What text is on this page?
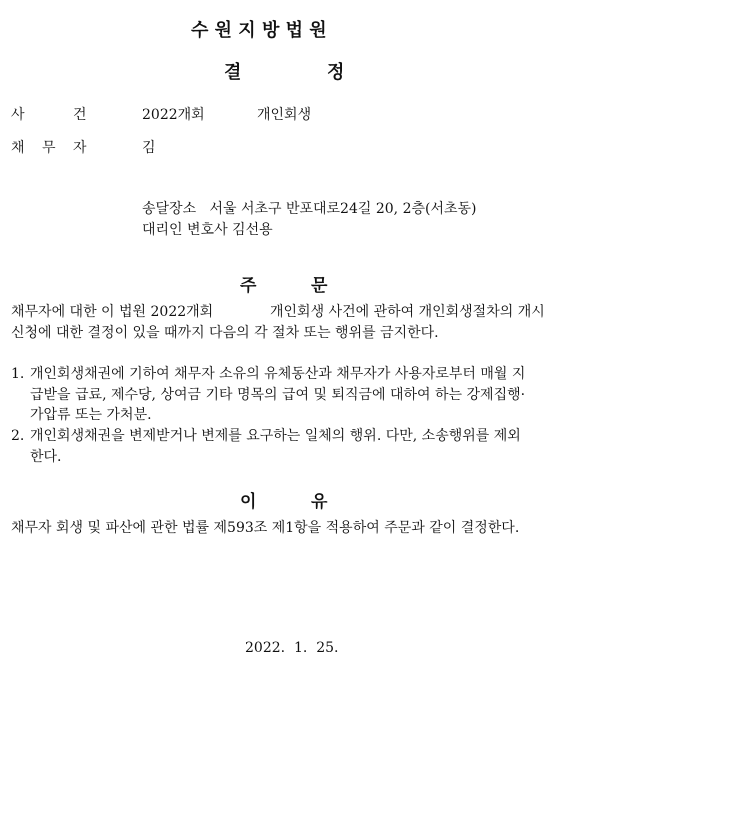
수 원 지 방 법 원
결	정
사	건	2022개회	개인회생
채 무 자	김
송달장소   서울 서초구 반포대로24길 20, 2층(서초동)
대리인 변호사 김선용
주	문
채무자에 대한 이 법원 2022개회	개인회생 사건에 관하여 개인회생절차의 개시
신청에 대한 결정이 있을 때까지 다음의 각 절차 또는 행위를 금지한다.
1. 개인회생채권에 기하여 채무자 소유의 유체동산과 채무자가 사용자로부터 매월 지
급받을 급료, 제수당, 상여금 기타 명목의 급여 및 퇴직금에 대하여 하는 강제집행·
가압류 또는 가처분.
2. 개인회생채권을 변제받거나 변제를 요구하는 일체의 행위. 다만, 소송행위를 제외
한다.
이	유
채무자 회생 및 파산에 관한 법률 제593조 제1항을 적용하여 주문과 같이 결정한다.
2022.  1.  25.
